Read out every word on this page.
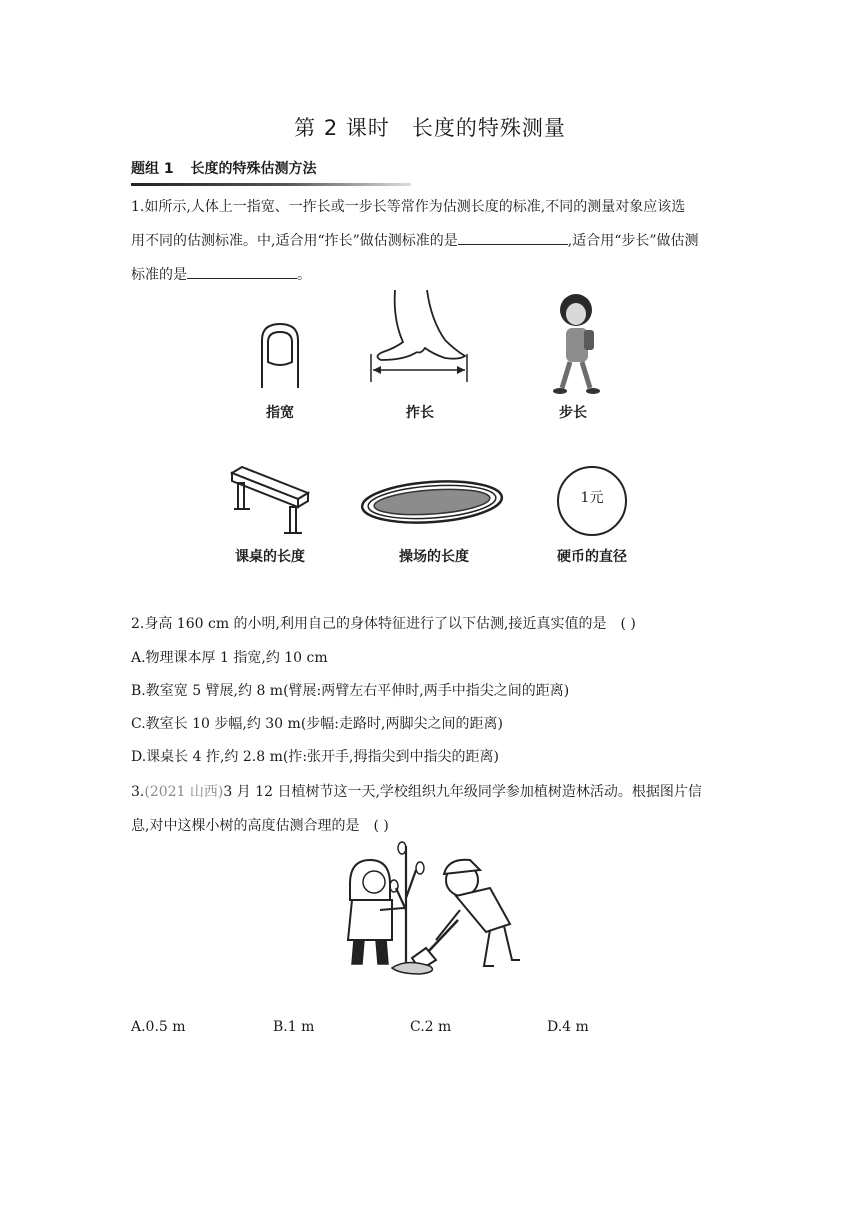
第 2 课时 长度的特殊测量
题组 1 长度的特殊估测方法
1.如所示,人体上一指宽、一拃长或一步长等常作为估测长度的标准,不同的测量对象应该选
用不同的估测标准。中,适合用“拃长”做估测标准的是	,适合用“步长”做估测
标准的是	。
指宽	拃长	步长
课桌的长度	操场的长度
1元
硬币的直径
2.身高 160 cm 的小明,利用自己的身体特征进行了以下估测,接近真实值的是 ( )
A.物理课本厚 1 指宽,约 10 cm
B.教室宽 5 臂展,约 8 m(臂展:两臂左右平伸时,两手中指尖之间的距离)
C.教室长 10 步幅,约 30 m(步幅:走路时,两脚尖之间的距离)
D.课桌长 4 拃,约 2.8 m(拃:张开手,拇指尖到中指尖的距离)
3.(2021 山西)3 月 12 日植树节这一天,学校组织九年级同学参加植树造林活动。根据图片信
息,对中这棵小树的高度估测合理的是 ( )
A.0.5 m	B.1 m	C.2 m	D.4 m
